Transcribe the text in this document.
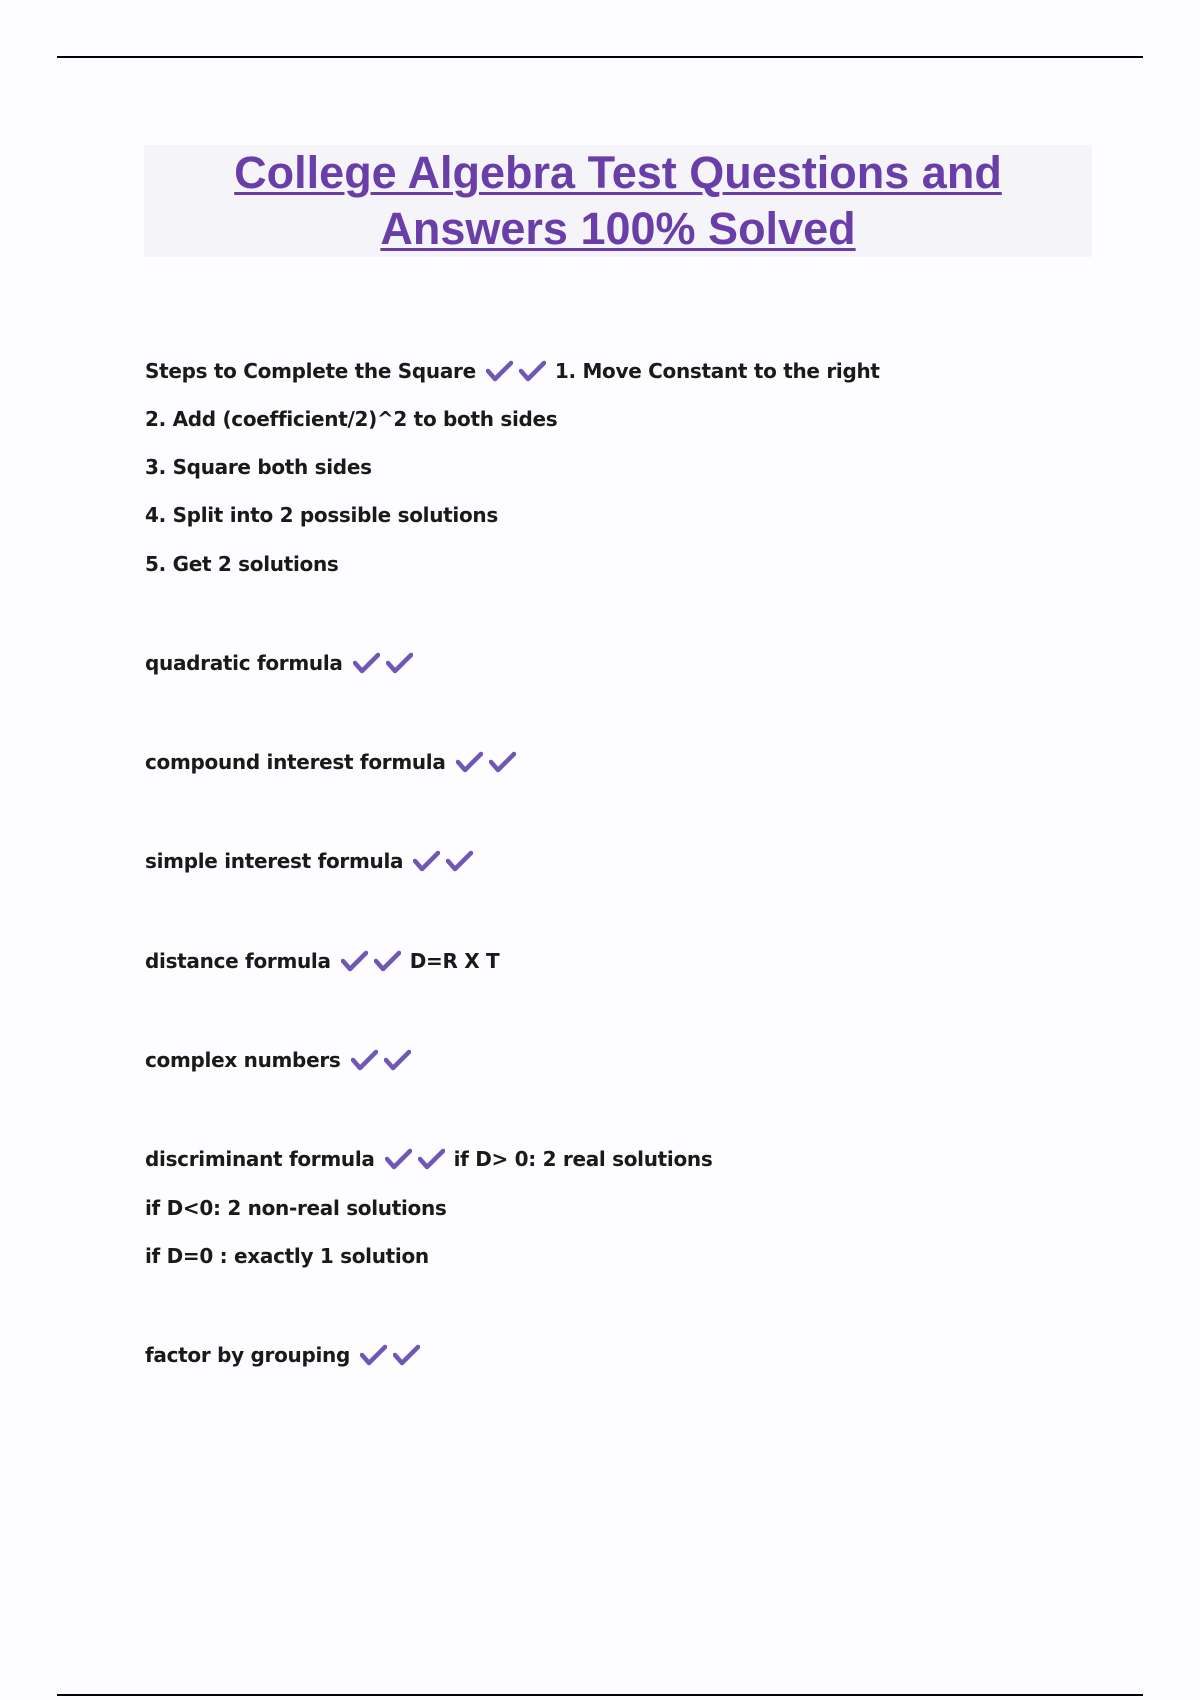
College Algebra Test Questions and
Answers 100% Solved
Steps to Complete the Square	1. Move Constant to the right
2. Add (coefficient/2)^2 to both sides
3. Square both sides
4. Split into 2 possible solutions
5. Get 2 solutions
quadratic formula
compound interest formula
simple interest formula
distance formula	D=R X T
complex numbers
discriminant formula	if D> 0: 2 real solutions
if D<0: 2 non-real solutions
if D=0 : exactly 1 solution
factor by grouping
